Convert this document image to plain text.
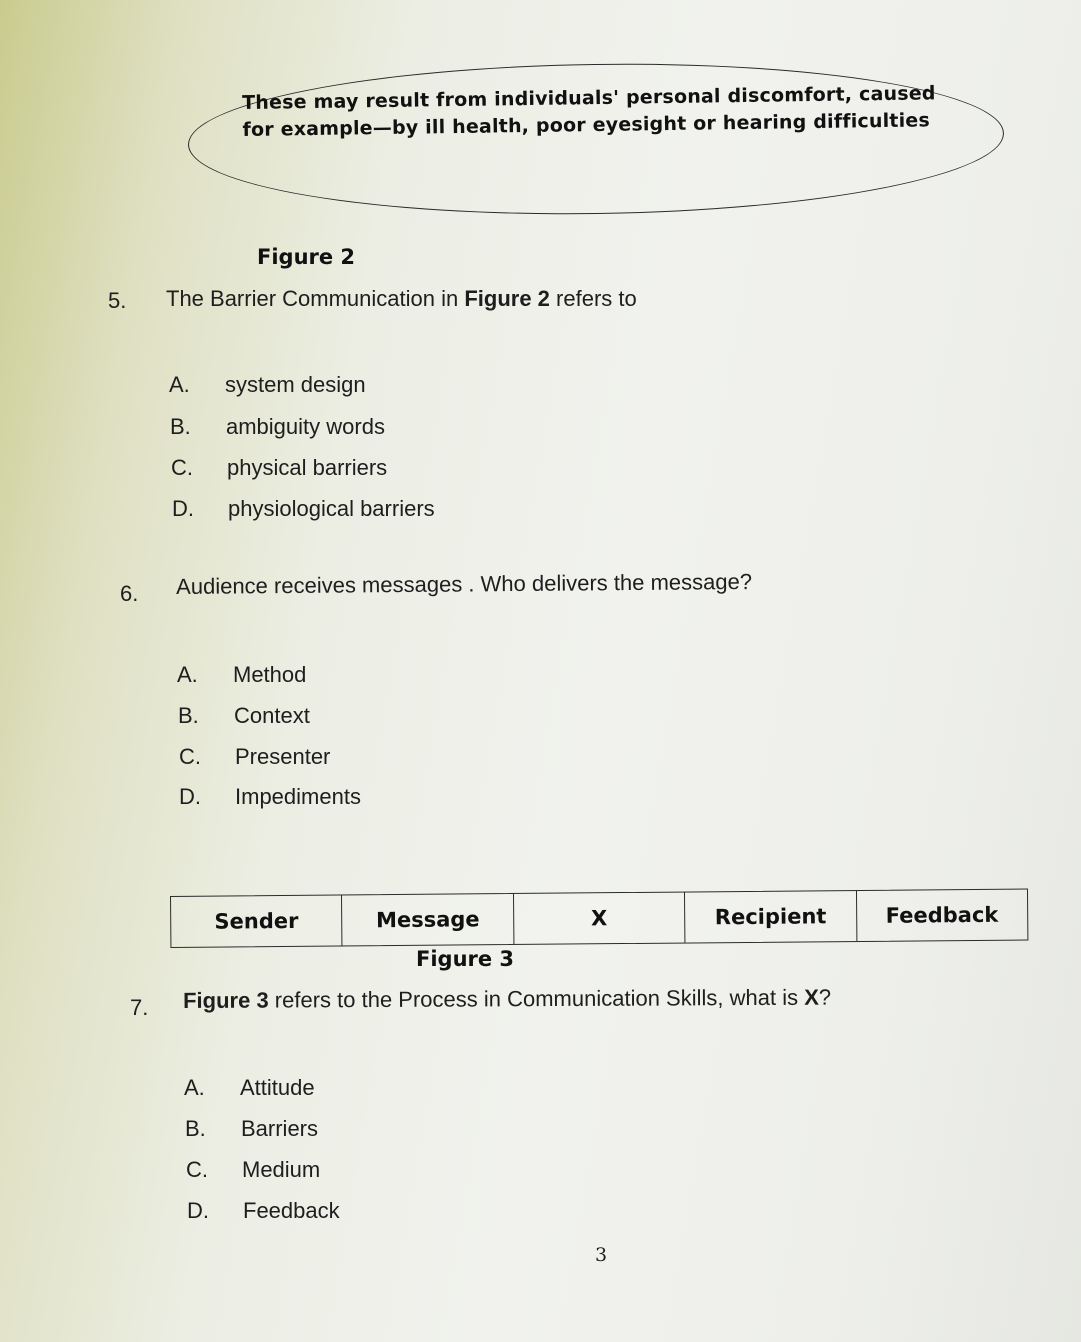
These may result from individuals' personal discomfort, caused
for example—by ill health, poor eyesight or hearing difficulties
Figure 2
5. The Barrier Communication in Figure 2 refers to
A. system design
B. ambiguity words
C. physical barriers
D. physiological barriers
6. Audience receives messages . Who delivers the message?
A. Method
B. Context
C. Presenter
D. Impediments
Sender	Message	X	Recipient	Feedback
Figure 3
7. Figure 3 refers to the Process in Communication Skills, what is X?
A. Attitude
B. Barriers
C. Medium
D. Feedback
3
